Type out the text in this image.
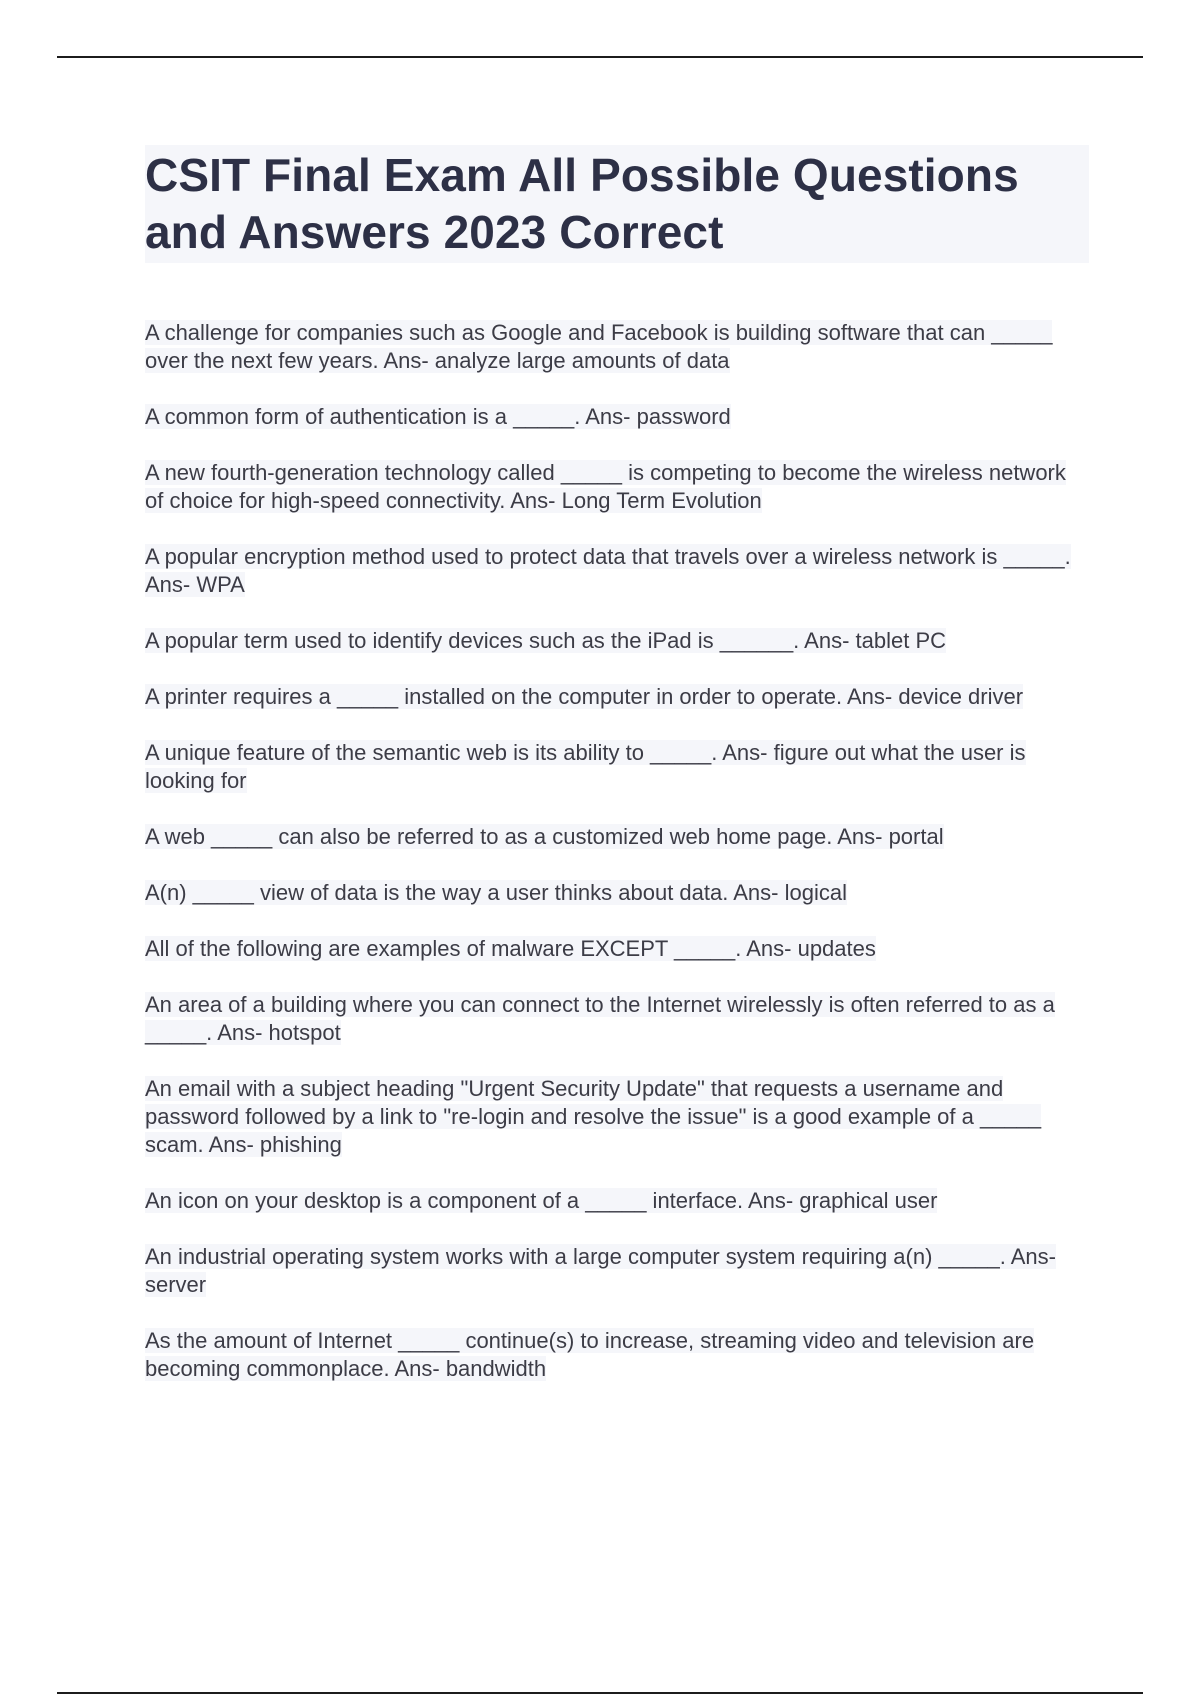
CSIT Final Exam All Possible Questions and Answers 2023 Correct

A challenge for companies such as Google and Facebook is building software that can _____ over the next few years. Ans- analyze large amounts of data

A common form of authentication is a _____. Ans- password

A new fourth-generation technology called _____ is competing to become the wireless network of choice for high-speed connectivity. Ans- Long Term Evolution

A popular encryption method used to protect data that travels over a wireless network is _____. Ans- WPA

A popular term used to identify devices such as the iPad is ______. Ans- tablet PC

A printer requires a _____ installed on the computer in order to operate. Ans- device driver

A unique feature of the semantic web is its ability to _____. Ans- figure out what the user is looking for

A web _____ can also be referred to as a customized web home page. Ans- portal

A(n) _____ view of data is the way a user thinks about data. Ans- logical

All of the following are examples of malware EXCEPT _____. Ans- updates

An area of a building where you can connect to the Internet wirelessly is often referred to as a _____. Ans- hotspot

An email with a subject heading "Urgent Security Update" that requests a username and password followed by a link to "re-login and resolve the issue" is a good example of a _____ scam. Ans- phishing

An icon on your desktop is a component of a _____ interface. Ans- graphical user

An industrial operating system works with a large computer system requiring a(n) _____. Ans- server

As the amount of Internet _____ continue(s) to increase, streaming video and television are becoming commonplace. Ans- bandwidth
